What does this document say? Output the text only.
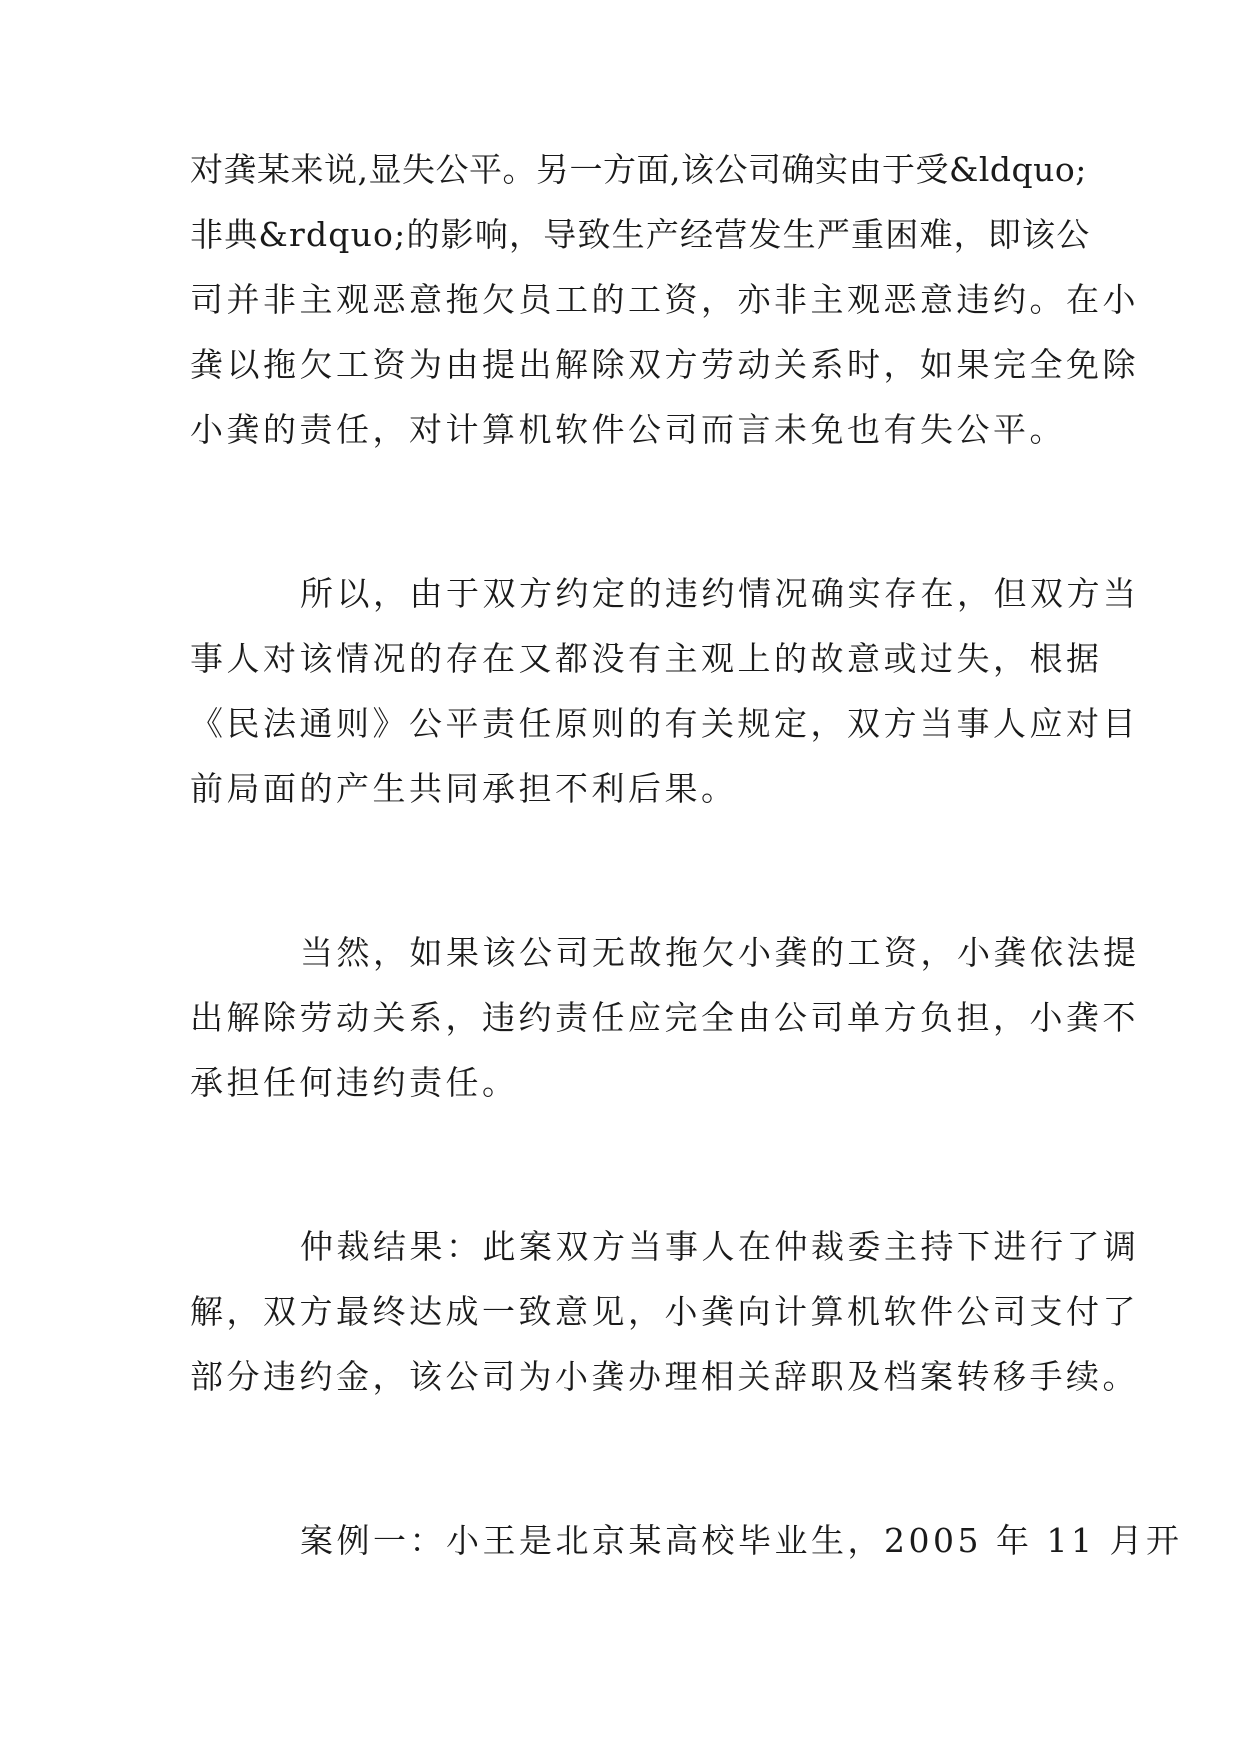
对龚某来说,显失公平。另一方面,该公司确实由于受&ldquo;
非典&rdquo;的影响，导致生产经营发生严重困难，即该公
司并非主观恶意拖欠员工的工资，亦非主观恶意违约。在小
龚以拖欠工资为由提出解除双方劳动关系时，如果完全免除
小龚的责任，对计算机软件公司而言未免也有失公平。
所以，由于双方约定的违约情况确实存在，但双方当
事人对该情况的存在又都没有主观上的故意或过失，根据
《民法通则》公平责任原则的有关规定，双方当事人应对目
前局面的产生共同承担不利后果。
当然，如果该公司无故拖欠小龚的工资，小龚依法提
出解除劳动关系，违约责任应完全由公司单方负担，小龚不
承担任何违约责任。
仲裁结果：此案双方当事人在仲裁委主持下进行了调
解，双方最终达成一致意见，小龚向计算机软件公司支付了
部分违约金，该公司为小龚办理相关辞职及档案转移手续。
案例一：小王是北京某高校毕业生，2005 年 11 月开
